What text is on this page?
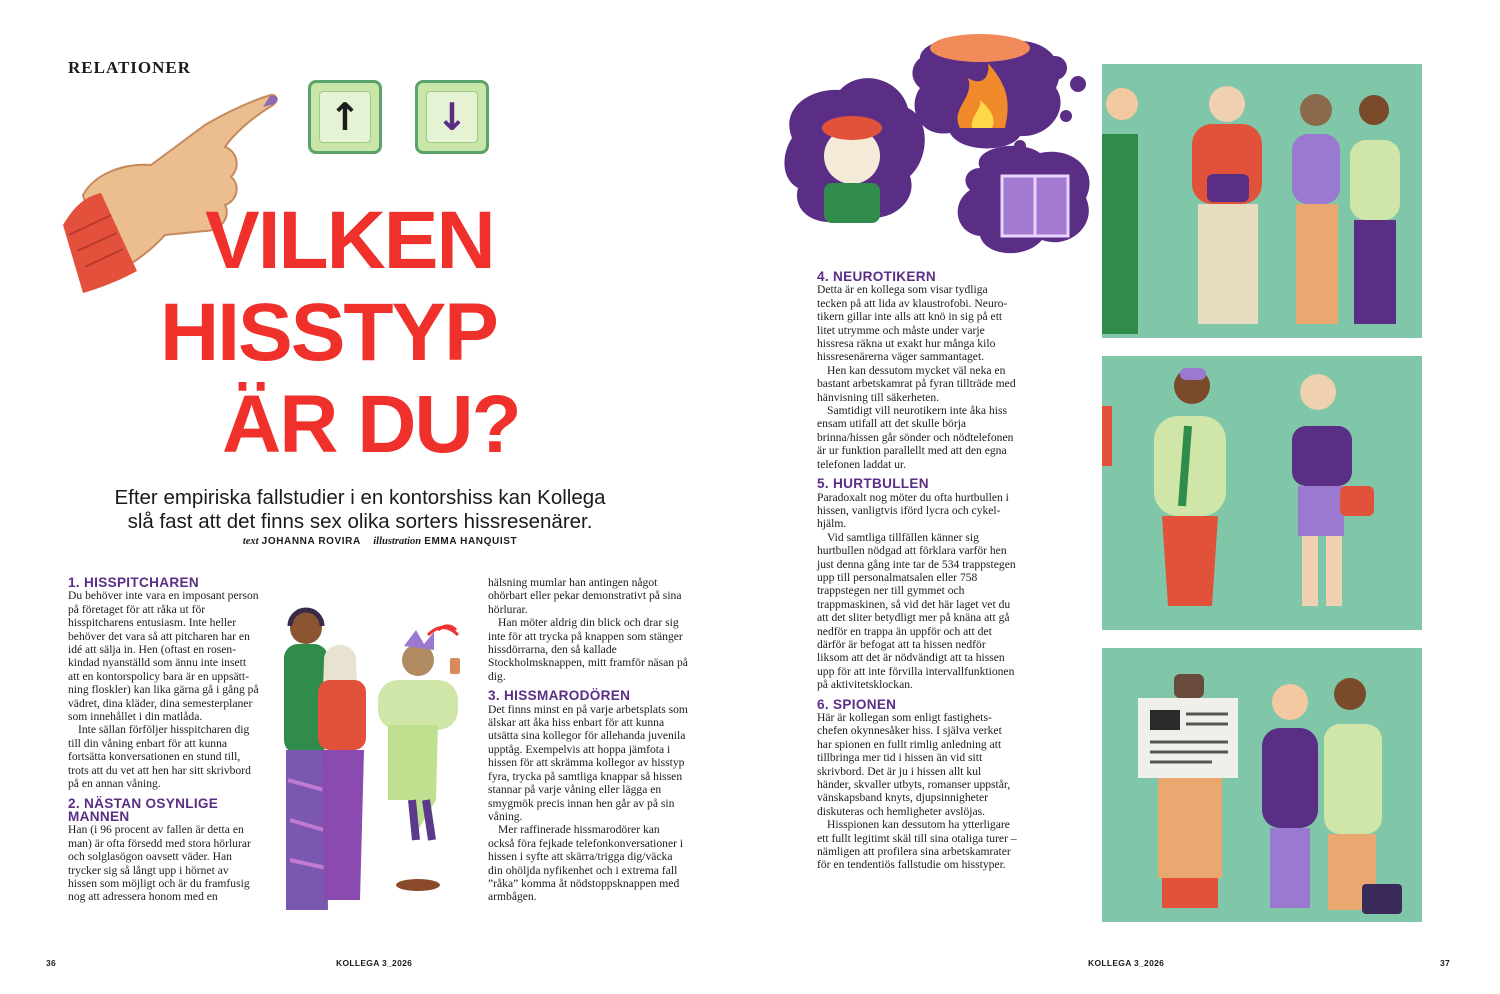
RELATIONER
↑ ↓
VILKEN
HISSTYP
ÄR DU?
Efter empiriska fallstudier i en kontorshiss kan Kollega slå fast att det finns sex olika sorters hissresenärer.
text JOHANNA ROVIRA illustration EMMA HANQUIST
1. HISSPITCHAREN

Du behöver inte vara en imposant person på företaget för att råka ut för hisspitcharens entusiasm. Inte heller behöver det vara så att pitcharen har en idé att sälja in. Hen (oftast en rosenkindad nyanställd som ännu inte insett att en kontorspolicy bara är en uppsättning floskler) kan lika gärna gå i gång på vädret, dina kläder, dina semesterplaner som innehållet i din matlåda.

Inte sällan förföljer hisspitcharen dig till din våning enbart för att kunna fortsätta konversationen en stund till, trots att du vet att hen har sitt skrivbord på en annan våning.

2. NÄSTAN OSYNLIGE MANNEN

Han (i 96 procent av fallen är detta en man) är ofta försedd med stora hörlurar och solglasögon oavsett väder. Han trycker sig så långt upp i hörnet av hissen som möjligt och är du framfusig nog att adressera honom med en

hälsning mumlar han antingen något ohörbart eller pekar demonstrativt på sina hörlurar.

Han möter aldrig din blick och drar sig inte för att trycka på knappen som stänger hissdörrarna, den så kallade Stockholmsknappen, mitt framför näsan på dig.

3. HISSMARODÖREN

Det finns minst en på varje arbetsplats som älskar att åka hiss enbart för att kunna utsätta sina kollegor för allehanda juvenila upptåg. Exempelvis att hoppa jämfota i hissen för att skrämma kollegor av hisstyp fyra, trycka på samtliga knappar så hissen stannar på varje våning eller lägga en smygmök precis innan hen går av på sin våning.

Mer raffinerade hissmarodörer kan också föra fejkade telefonkonversationer i hissen i syfte att skärra/trigga dig/väcka din ohöljda nyfikenhet och i extrema fall ”råka” komma åt nödstoppsknappen med armbågen.

4. NEUROTIKERN

Detta är en kollega som visar tydliga tecken på att lida av klaustrofobi. Neurotikern gillar inte alls att knö in sig på ett litet utrymme och måste under varje hissresa räkna ut exakt hur många kilo hissresenärerna väger sammantaget.

Hen kan dessutom mycket väl neka en bastant arbetskamrat på fyran tillträde med hänvisning till säkerheten.

Samtidigt vill neurotikern inte åka hiss ensam utifall att det skulle börja brinna/hissen går sönder och nödtelefonen är ur funktion parallellt med att den egna telefonen laddat ur.

5. HURTBULLEN

Paradoxalt nog möter du ofta hurtbullen i hissen, vanligtvis iförd lycra och cykelhjälm.

Vid samtliga tillfällen känner sig hurtbullen nödgad att förklara varför hen just denna gång inte tar de 534 trappstegen upp till personalmatsalen eller 758 trappstegen ner till gymmet och trappmaskinen, så vid det här laget vet du att det sliter betydligt mer på knäna att gå nedför en trappa än uppför och att det därför är befogat att ta hissen nedför liksom att det är nödvändigt att ta hissen upp för att inte förvilla intervallfunktionen på aktivitetsklockan.

6. SPIONEN

Här är kollegan som enligt fastighetschefen okynnesåker hiss. I själva verket har spionen en fullt rimlig anledning att tillbringa mer tid i hissen än vid sitt skrivbord. Det är ju i hissen allt kul händer, skvaller utbyts, romanser uppstår, vänskapsband knyts, djupsinnigheter diskuteras och hemligheter avslöjas.

Hisspionen kan dessutom ha ytterligare ett fullt legitimt skäl till sina otaliga turer – nämligen att profilera sina arbetskamrater för en tendentiös fallstudie om hisstyper.

36	KOLLEGA 3_2026	KOLLEGA 3_2026	37
